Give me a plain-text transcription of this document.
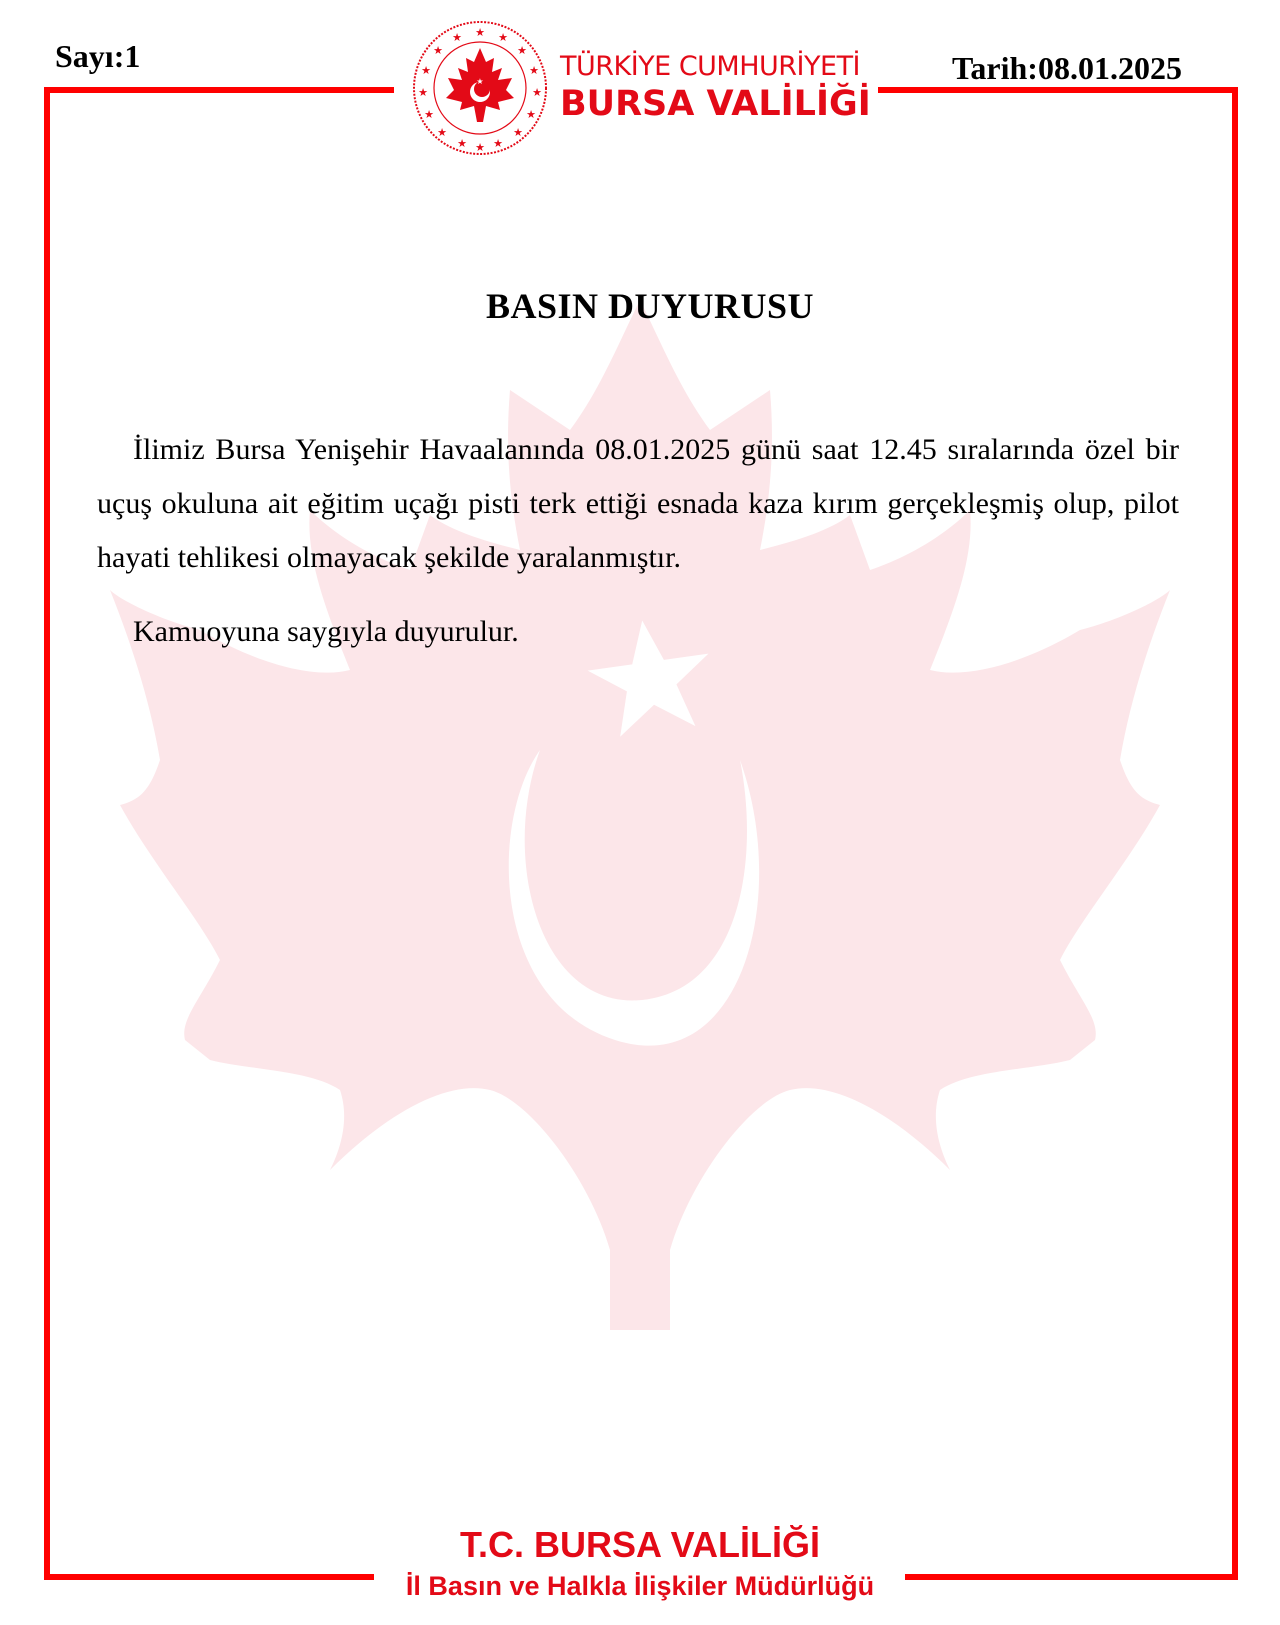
Sayı:1	Tarih:08.01.2025
★ ★
★
★
★
★
★
★
★
★
★
★
★
★
★
★
★	TÜRKİYE CUMHURİYETİ
BURSA VALİLİĞİ
BASIN DUYURUSU

İlimiz Bursa Yenişehir Havaalanında 08.01.2025 günü saat 12.45 sıralarında özel bir uçuş okuluna ait eğitim uçağı pisti terk ettiği esnada kaza kırım gerçekleşmiş olup, pilot hayati tehlikesi olmayacak şekilde yaralanmıştır.

Kamuoyuna saygıyla duyurulur.

T.C. BURSA VALİLİĞİ
İl Basın ve Halkla İlişkiler Müdürlüğü
